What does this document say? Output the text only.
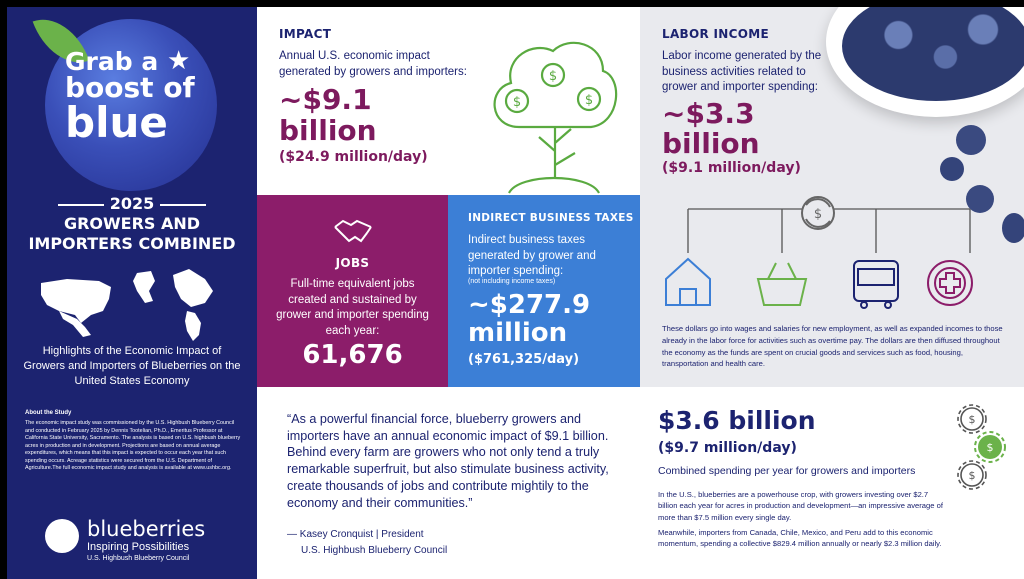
Grab a
boost of
blue
★
2025
GROWERS AND
IMPORTERS COMBINED
Highlights of the Economic Impact of Growers and Importers of Blueberries on the United States Economy
About the Study
The economic impact study was commissioned by the U.S. Highbush Blueberry Council and conducted in February 2025 by Dennis Tootelian, Ph.D., Emeritus Professor at California State University, Sacramento. The analysis is based on U.S. highbush blueberry acres in production and in development. Projections are based on annual average expenditures, which means that this impact is expected to occur each year that such spending occurs. Acreage statistics were secured from the U.S. Department of Agriculture.The full economic impact study and analysis is available at www.ushbc.org.
blueberries
Inspiring Possibilities
U.S. Highbush Blueberry Council
IMPACT
Annual U.S. economic impact generated by growers and importers:
~$9.1
billion
($24.9 million/day)
$
$	$
JOBS
Full-time equivalent jobs created and sustained by grower and importer spending each year:
61,676
INDIRECT BUSINESS TAXES
Indirect business taxes generated by grower and importer spending:
(not including income taxes)
~$277.9
million
($761,325/day)
LABOR INCOME
Labor income generated by the business activities related to grower and importer spending:
~$3.3
billion
($9.1 million/day)
$
These dollars go into wages and salaries for new employment, as well as expanded incomes to those already in the labor force for activities such as overtime pay. The dollars are then diffused throughout the economy as the funds are spent on crucial goods and services such as food, housing, transportation and health care.
“As a powerful financial force, blueberry growers and importers have an annual economic impact of $9.1 billion. Behind every farm are growers who not only tend a truly remarkable superfruit, but also stimulate business activity, create thousands of jobs and contribute mightily to the economy and their communities.”
— Kasey Cronquist | President
U.S. Highbush Blueberry Council
$3.6 billion
($9.7 million/day)
Combined spending per year for growers and importers
In the U.S., blueberries are a powerhouse crop, with growers investing over $2.7 billion each year for acres in production and development—an impressive average of more than $7.5 million every single day.
Meanwhile, importers from Canada, Chile, Mexico, and Peru add to this economic momentum, spending a collective $829.4 million annually or nearly $2.3 million daily.
$
$
$
